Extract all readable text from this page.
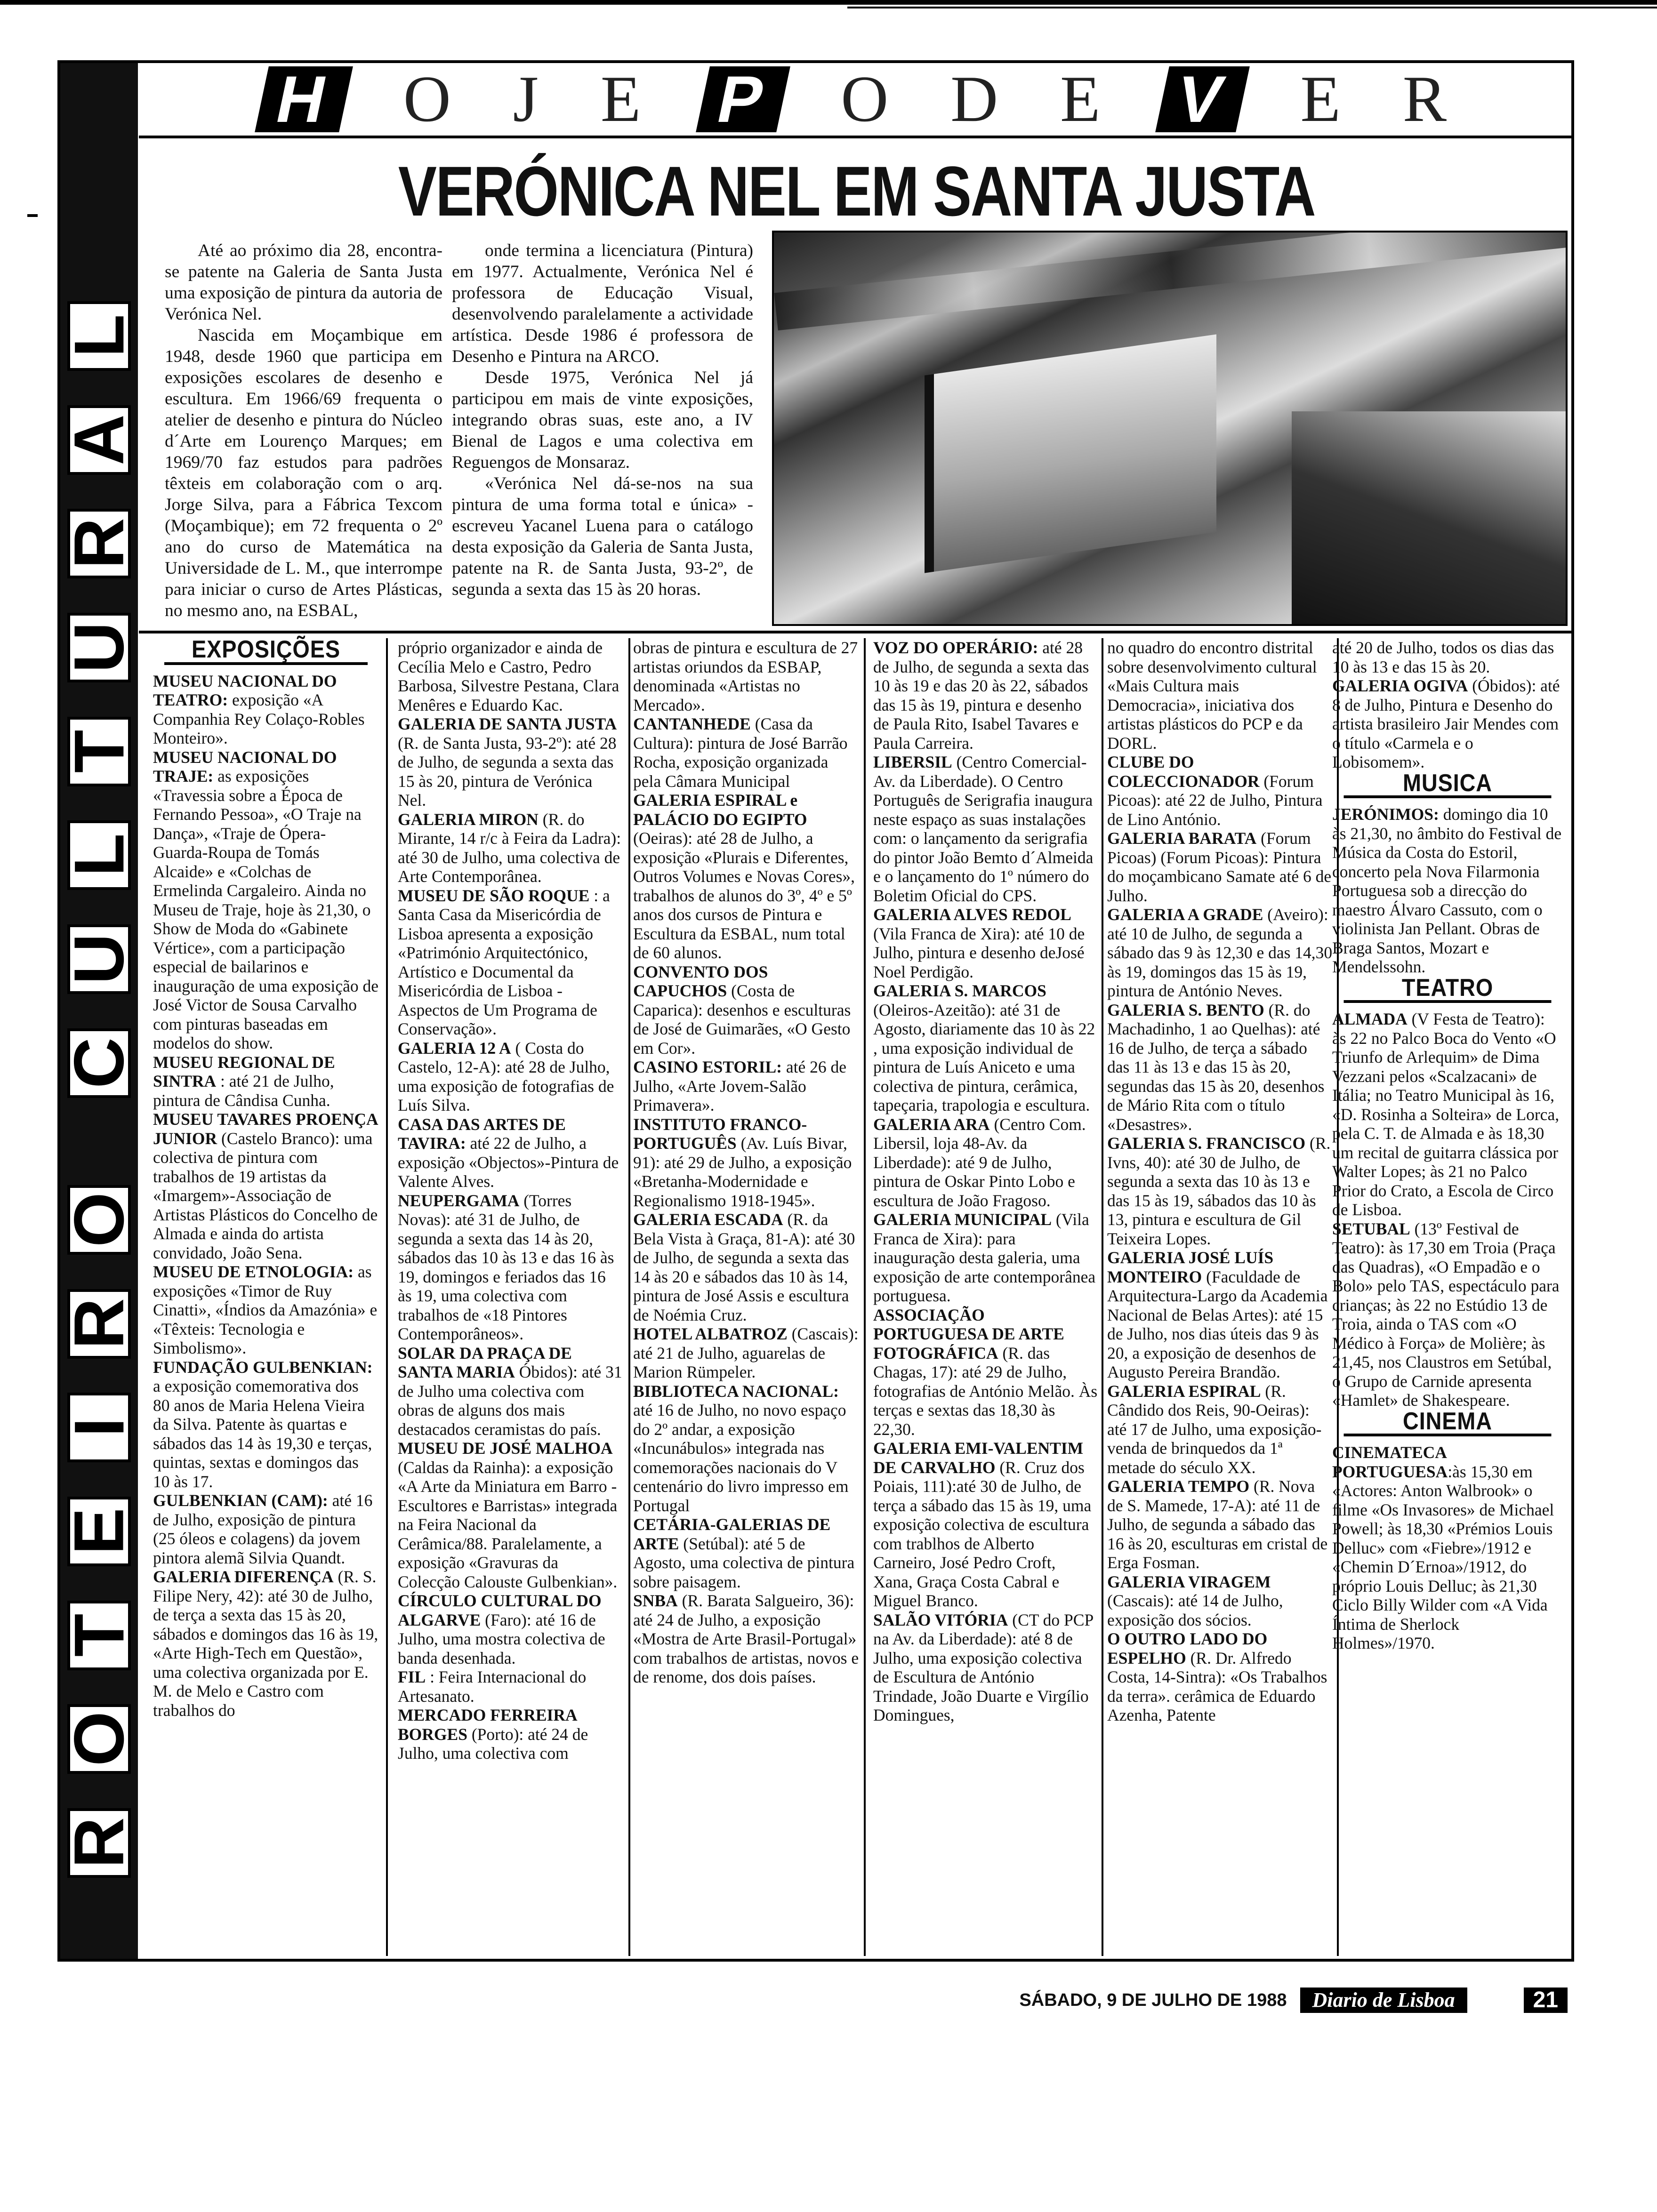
L
A
R
U
T
L
U
C
O
R
I
E
T
O
R
H O J E P O D E V E R
VERÓNICA NEL EM SANTA JUSTA

Até ao próximo dia 28, encontra-se patente na Galeria de Santa Justa uma exposição de pintura da autoria de Verónica Nel.

Nascida em Moçambique em 1948, desde 1960 que participa em exposições escolares de desenho e escultura. Em 1966/69 frequenta o atelier de desenho e pintura do Núcleo d´Arte em Lourenço Marques; em 1969/70 faz estudos para padrões têxteis em colaboração com o arq. Jorge Silva, para a Fábrica Texcom (Moçambique); em 72 frequenta o 2º ano do curso de Matemática na Universidade de L. M., que interrompe para iniciar o curso de Artes Plásticas, no mesmo ano, na ESBAL,

onde termina a licenciatura (Pintura) em 1977. Actualmente, Verónica Nel é professora de Educação Visual, desenvolvendo paralelamente a actividade artística. Desde 1986 é professora de Desenho e Pintura na ARCO.

Desde 1975, Verónica Nel já participou em mais de vinte exposições, integrando obras suas, este ano, a IV Bienal de Lagos e uma colectiva em Reguengos de Monsaraz.

«Verónica Nel dá-se-nos na sua pintura de uma forma total e única» - escreveu Yacanel Luena para o catálogo desta exposição da Galeria de Santa Justa, patente na R. de Santa Justa, 93-2º, de segunda a sexta das 15 às 20 horas.

EXPOSIÇÕES

MUSEU NACIONAL DO TEATRO: exposição «A Companhia Rey Colaço-Robles Monteiro».

MUSEU NACIONAL DO TRAJE: as exposições «Travessia sobre a Época de Fernando Pessoa», «O Traje na Dança», «Traje de Ópera-Guarda-Roupa de Tomás Alcaide» e «Colchas de Ermelinda Cargaleiro. Ainda no Museu de Traje, hoje às 21,30, o Show de Moda do «Gabinete Vértice», com a participação especial de bailarinos e inauguração de uma exposição de José Victor de Sousa Carvalho com pinturas baseadas em modelos do show.

MUSEU REGIONAL DE SINTRA : até 21 de Julho, pintura de Cândisa Cunha.

MUSEU TAVARES PROENÇA JUNIOR (Castelo Branco): uma colectiva de pintura com trabalhos de 19 artistas da «Imargem»-Associação de Artistas Plásticos do Concelho de Almada e ainda do artista convidado, João Sena.

MUSEU DE ETNOLOGIA: as exposições «Timor de Ruy Cinatti», «Índios da Amazónia» e «Têxteis: Tecnologia e Simbolismo».

FUNDAÇÃO GULBENKIAN: a exposição comemorativa dos 80 anos de Maria Helena Vieira da Silva. Patente às quartas e sábados das 14 às 19,30 e terças, quintas, sextas e domingos das 10 às 17.

GULBENKIAN (CAM): até 16 de Julho, exposição de pintura (25 óleos e colagens) da jovem pintora alemã Silvia Quandt.

GALERIA DIFERENÇA (R. S. Filipe Nery, 42): até 30 de Julho, de terça a sexta das 15 às 20, sábados e domingos das 16 às 19, «Arte High-Tech em Questão», uma colectiva organizada por E. M. de Melo e Castro com trabalhos do

próprio organizador e ainda de Cecília Melo e Castro, Pedro Barbosa, Silvestre Pestana, Clara Menêres e Eduardo Kac.

GALERIA DE SANTA JUSTA (R. de Santa Justa, 93-2º): até 28 de Julho, de segunda a sexta das 15 às 20, pintura de Verónica Nel.

GALERIA MIRON (R. do Mirante, 14 r/c à Feira da Ladra): até 30 de Julho, uma colectiva de Arte Contemporânea.

MUSEU DE SÃO ROQUE : a Santa Casa da Misericórdia de Lisboa apresenta a exposição «Património Arquitectónico, Artístico e Documental da Misericórdia de Lisboa - Aspectos de Um Programa de Conservação».

GALERIA 12 A ( Costa do Castelo, 12-A): até 28 de Julho, uma exposição de fotografias de Luís Silva.

CASA DAS ARTES DE TAVIRA: até 22 de Julho, a exposição «Objectos»-Pintura de Valente Alves.

NEUPERGAMA (Torres Novas): até 31 de Julho, de segunda a sexta das 14 às 20, sábados das 10 às 13 e das 16 às 19, domingos e feriados das 16 às 19, uma colectiva com trabalhos de «18 Pintores Contemporâneos».

SOLAR DA PRAÇA DE SANTA MARIA Óbidos): até 31 de Julho uma colectiva com obras de alguns dos mais destacados ceramistas do país.

MUSEU DE JOSÉ MALHOA (Caldas da Rainha): a exposição «A Arte da Miniatura em Barro - Escultores e Barristas» integrada na Feira Nacional da Cerâmica/88. Paralelamente, a exposição «Gravuras da Colecção Calouste Gulbenkian».

CÍRCULO CULTURAL DO ALGARVE (Faro): até 16 de Julho, uma mostra colectiva de banda desenhada.

FIL : Feira Internacional do Artesanato.

MERCADO FERREIRA BORGES (Porto): até 24 de Julho, uma colectiva com

obras de pintura e escultura de 27 artistas oriundos da ESBAP, denominada «Artistas no Mercado».

CANTANHEDE (Casa da Cultura): pintura de José Barrão Rocha, exposição organizada pela Câmara Municipal

GALERIA ESPIRAL e PALÁCIO DO EGIPTO (Oeiras): até 28 de Julho, a exposição «Plurais e Diferentes, Outros Volumes e Novas Cores», trabalhos de alunos do 3º, 4º e 5º anos dos cursos de Pintura e Escultura da ESBAL, num total de 60 alunos.

CONVENTO DOS CAPUCHOS (Costa de Caparica): desenhos e esculturas de José de Guimarães, «O Gesto em Cor».

CASINO ESTORIL: até 26 de Julho, «Arte Jovem-Salão Primavera».

INSTITUTO FRANCO-PORTUGUÊS (Av. Luís Bivar, 91): até 29 de Julho, a exposição «Bretanha-Modernidade e Regionalismo 1918-1945».

GALERIA ESCADA (R. da Bela Vista à Graça, 81-A): até 30 de Julho, de segunda a sexta das 14 às 20 e sábados das 10 às 14, pintura de José Assis e escultura de Noémia Cruz.

HOTEL ALBATROZ (Cascais): até 21 de Julho, aguarelas de Marion Rümpeler.

BIBLIOTECA NACIONAL: até 16 de Julho, no novo espaço do 2º andar, a exposição «Incunábulos» integrada nas comemorações nacionais do V centenário do livro impresso em Portugal

CETÁRIA-GALERIAS DE ARTE (Setúbal): até 5 de Agosto, uma colectiva de pintura sobre paisagem.

SNBA (R. Barata Salgueiro, 36): até 24 de Julho, a exposição «Mostra de Arte Brasil-Portugal» com trabalhos de artistas, novos e de renome, dos dois países.

VOZ DO OPERÁRIO: até 28 de Julho, de segunda a sexta das 10 às 19 e das 20 às 22, sábados das 15 às 19, pintura e desenho de Paula Rito, Isabel Tavares e Paula Carreira.

LIBERSIL (Centro Comercial-Av. da Liberdade). O Centro Português de Serigrafia inaugura neste espaço as suas instalações com: o lançamento da serigrafia do pintor João Bemto d´Almeida e o lançamento do 1º número do Boletim Oficial do CPS.

GALERIA ALVES REDOL (Vila Franca de Xira): até 10 de Julho, pintura e desenho deJosé Noel Perdigão.

GALERIA S. MARCOS (Oleiros-Azeitão): até 31 de Agosto, diariamente das 10 às 22 , uma exposição individual de pintura de Luís Aniceto e uma colectiva de pintura, cerâmica, tapeçaria, trapologia e escultura.

GALERIA ARA (Centro Com. Libersil, loja 48-Av. da Liberdade): até 9 de Julho, pintura de Oskar Pinto Lobo e escultura de João Fragoso.

GALERIA MUNICIPAL (Vila Franca de Xira): para inauguração desta galeria, uma exposição de arte contemporânea portuguesa.

ASSOCIAÇÃO PORTUGUESA DE ARTE FOTOGRÁFICA (R. das Chagas, 17): até 29 de Julho, fotografias de António Melão. Às terças e sextas das 18,30 às 22,30.

GALERIA EMI-VALENTIM DE CARVALHO (R. Cruz dos Poiais, 111):até 30 de Julho, de terça a sábado das 15 às 19, uma exposição colectiva de escultura com trablhos de Alberto Carneiro, José Pedro Croft, Xana, Graça Costa Cabral e Miguel Branco.

SALÃO VITÓRIA (CT do PCP na Av. da Liberdade): até 8 de Julho, uma exposição colectiva de Escultura de António Trindade, João Duarte e Virgílio Domingues,

no quadro do encontro distrital sobre desenvolvimento cultural «Mais Cultura mais Democracia», iniciativa dos artistas plásticos do PCP e da DORL.

CLUBE DO COLECCIONADOR (Forum Picoas): até 22 de Julho, Pintura de Lino António.

GALERIA BARATA (Forum Picoas) (Forum Picoas): Pintura do moçambicano Samate até 6 de Julho.

GALERIA A GRADE (Aveiro): até 10 de Julho, de segunda a sábado das 9 às 12,30 e das 14,30 às 19, domingos das 15 às 19, pintura de António Neves.

GALERIA S. BENTO (R. do Machadinho, 1 ao Quelhas): até 16 de Julho, de terça a sábado das 11 às 13 e das 15 às 20, segundas das 15 às 20, desenhos de Mário Rita com o título «Desastres».

GALERIA S. FRANCISCO (R. Ivns, 40): até 30 de Julho, de segunda a sexta das 10 às 13 e das 15 às 19, sábados das 10 às 13, pintura e escultura de Gil Teixeira Lopes.

GALERIA JOSÉ LUÍS MONTEIRO (Faculdade de Arquitectura-Largo da Academia Nacional de Belas Artes): até 15 de Julho, nos dias úteis das 9 às 20, a exposição de desenhos de Augusto Pereira Brandão.

GALERIA ESPIRAL (R. Cândido dos Reis, 90-Oeiras): até 17 de Julho, uma exposição-venda de brinquedos da 1ª metade do século XX.

GALERIA TEMPO (R. Nova de S. Mamede, 17-A): até 11 de Julho, de segunda a sábado das 16 às 20, esculturas em cristal de Erga Fosman.

GALERIA VIRAGEM (Cascais): até 14 de Julho, exposição dos sócios.

O OUTRO LADO DO ESPELHO (R. Dr. Alfredo Costa, 14-Sintra): «Os Trabalhos da terra». cerâmica de Eduardo Azenha, Patente

até 20 de Julho, todos os dias das 10 às 13 e das 15 às 20.

GALERIA OGIVA (Óbidos): até 8 de Julho, Pintura e Desenho do artista brasileiro Jair Mendes com o título «Carmela e o Lobisomem».

MUSICA

JERÓNIMOS: domingo dia 10 às 21,30, no âmbito do Festival de Música da Costa do Estoril, concerto pela Nova Filarmonia Portuguesa sob a direcção do maestro Álvaro Cassuto, com o violinista Jan Pellant. Obras de Braga Santos, Mozart e Mendelssohn.

TEATRO

ALMADA (V Festa de Teatro): às 22 no Palco Boca do Vento «O Triunfo de Arlequim» de Dima Vezzani pelos «Scalzacani» de Itália; no Teatro Municipal às 16, «D. Rosinha a Solteira» de Lorca, pela C. T. de Almada e às 18,30 um recital de guitarra clássica por Walter Lopes; às 21 no Palco Prior do Crato, a Escola de Circo de Lisboa.

SETUBAL (13º Festival de Teatro): às 17,30 em Troia (Praça das Quadras), «O Empadão e o Bolo» pelo TAS, espectáculo para crianças; às 22 no Estúdio 13 de Troia, ainda o TAS com «O Médico à Força» de Molière; às 21,45, nos Claustros em Setúbal, o Grupo de Carnide apresenta «Hamlet» de Shakespeare.

CINEMA

CINEMATECA PORTUGUESA:às 15,30 em «Actores: Anton Walbrook» o filme «Os Invasores» de Michael Powell; às 18,30 «Prémios Louis Delluc» com «Fiebre»/1912 e «Chemin D´Ernoa»/1912, do próprio Louis Delluc; às 21,30 Ciclo Billy Wilder com «A Vida Íntima de Sherlock Holmes»/1970.

SÁBADO, 9 DE JULHO DE 1988	Diario de Lisboa	21
